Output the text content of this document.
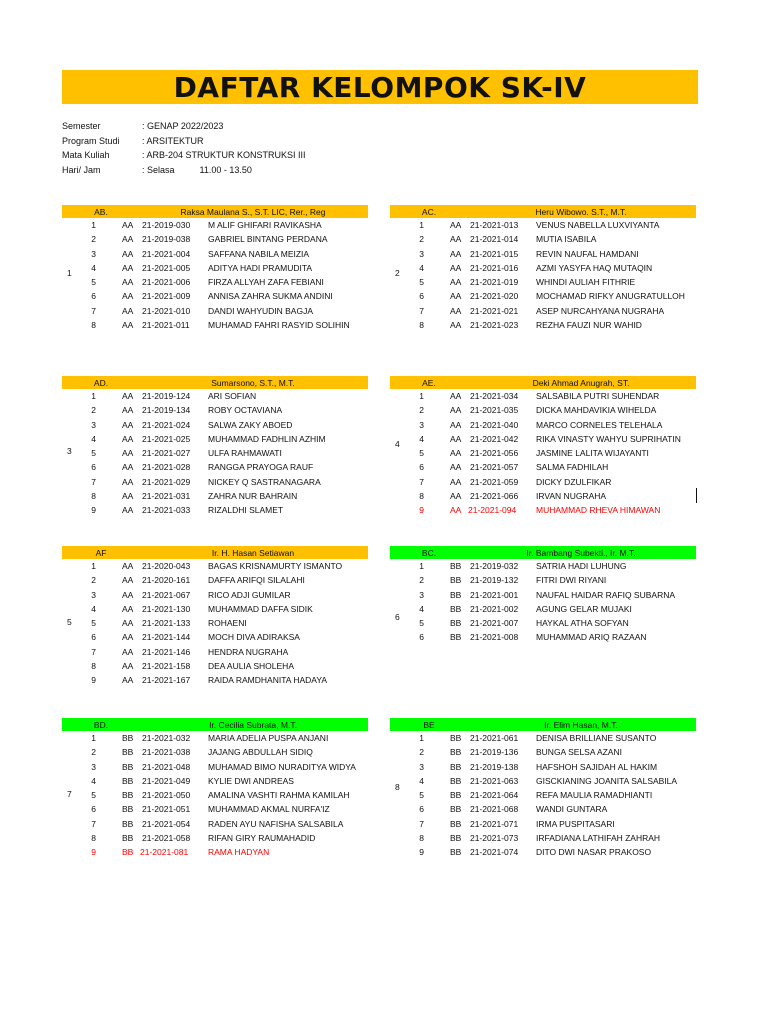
DAFTAR KELOMPOK SK-IV
Semester	: GENAP 2022/2023
Program Studi	: ARSITEKTUR
Mata Kuliah	: ARB-204 STRUKTUR KONSTRUKSI III
Hari/ Jam	: Selasa          11.00 - 13.50
AB.	Raksa Maulana S., S.T. LIC, Rer., Reg
1	AA	21-2019-030	M ALIF GHIFARI RAVIKASHA
2	AA	21-2019-038	GABRIEL BINTANG PERDANA
3	AA	21-2021-004	SAFFANA NABILA MEIZIA
4	AA	21-2021-005	ADITYA HADI PRAMUDITA
5	AA	21-2021-006	FIRZA ALLYAH ZAFA FEBIANI
6	AA	21-2021-009	ANNISA ZAHRA SUKMA ANDINI
7	AA	21-2021-010	DANDI WAHYUDIN BAGJA
8	AA	21-2021-011	MUHAMAD FAHRI RASYID SOLIHIN
1
AC.	Heru Wibowo. S.T., M.T.
1	AA	21-2021-013	VENUS NABELLA LUXVIYANTA
2	AA	21-2021-014	MUTIA ISABILA
3	AA	21-2021-015	REVIN NAUFAL HAMDANI
4	AA	21-2021-016	AZMI YASYFA HAQ MUTAQIN
5	AA	21-2021-019	WHINDI AULIAH FITHRIE
6	AA	21-2021-020	MOCHAMAD RIFKY ANUGRATULLOH
7	AA	21-2021-021	ASEP NURCAHYANA NUGRAHA
8	AA	21-2021-023	REZHA FAUZI NUR WAHID
2
AD.	Sumarsono, S.T., M.T.
1	AA	21-2019-124	ARI SOFIAN
2	AA	21-2019-134	ROBY OCTAVIANA
3	AA	21-2021-024	SALWA ZAKY ABOED
4	AA	21-2021-025	MUHAMMAD FADHLIN AZHIM
5	AA	21-2021-027	ULFA RAHMAWATI
6	AA	21-2021-028	RANGGA PRAYOGA RAUF
7	AA	21-2021-029	NICKEY Q SASTRANAGARA
8	AA	21-2021-031	ZAHRA NUR BAHRAIN
9	AA	21-2021-033	RIZALDHI SLAMET
3
AE.	Deki Ahmad Anugrah, ST.
1	AA	21-2021-034	SALSABILA PUTRI SUHENDAR
2	AA	21-2021-035	DICKA MAHDAVIKIA WIHELDA
3	AA	21-2021-040	MARCO CORNELES TELEHALA
4	AA	21-2021-042	RIKA VINASTY WAHYU SUPRIHATIN
5	AA	21-2021-056	JASMINE LALITA WIJAYANTI
6	AA	21-2021-057	SALMA FADHILAH
7	AA	21-2021-059	DICKY DZULFIKAR
8	AA	21-2021-066	IRVAN NUGRAHA
9	AA 21-2021-094	MUHAMMAD RHEVA HIMAWAN
4
AF	Ir. H. Hasan Setiawan
1	AA	21-2020-043	BAGAS KRISNAMURTY ISMANTO
2	AA	21-2020-161	DAFFA ARIFQI SILALAHI
3	AA	21-2021-067	RICO ADJI GUMILAR
4	AA	21-2021-130	MUHAMMAD DAFFA SIDIK
5	AA	21-2021-133	ROHAENI
6	AA	21-2021-144	MOCH DIVA ADIRAKSA
7	AA	21-2021-146	HENDRA NUGRAHA
8	AA	21-2021-158	DEA AULIA SHOLEHA
9	AA	21-2021-167	RAIDA RAMDHANITA HADAYA
5
BC.	Ir. Bambang Subekti., Ir. M.T.
1	BB	21-2019-032	SATRIA HADI LUHUNG
2	BB	21-2019-132	FITRI DWI RIYANI
3	BB	21-2021-001	NAUFAL HAIDAR RAFIQ SUBARNA
4	BB	21-2021-002	AGUNG GELAR MUJAKI
5	BB	21-2021-007	HAYKAL ATHA SOFYAN
6	BB	21-2021-008	MUHAMMAD ARIQ RAZAAN
6
BD.	Ir. Cecilia Subrata, M.T.
1	BB	21-2021-032	MARIA ADELIA PUSPA ANJANI
2	BB	21-2021-038	JAJANG ABDULLAH SIDIQ
3	BB	21-2021-048	MUHAMAD BIMO NURADITYA WIDYA
4	BB	21-2021-049	KYLIE DWI ANDREAS
5	BB	21-2021-050	AMALINA VASHTI RAHMA KAMILAH
6	BB	21-2021-051	MUHAMMAD AKMAL NURFA'IZ
7	BB	21-2021-054	RADEN AYU NAFISHA SALSABILA
8	BB	21-2021-058	RIFAN GIRY RAUMAHADID
9	BB 21-2021-081	RAMA HADYAN
7
BE	Ir. Elim Hasan, M.T.
1	BB	21-2021-061	DENISA BRILLIANE SUSANTO
2	BB	21-2019-136	BUNGA SELSA AZANI
3	BB	21-2019-138	HAFSHOH SAJIDAH AL HAKIM
4	BB	21-2021-063	GISCKIANING JOANITA SALSABILA
5	BB	21-2021-064	REFA MAULIA RAMADHIANTI
6	BB	21-2021-068	WANDI GUNTARA
7	BB	21-2021-071	IRMA PUSPITASARI
8	BB	21-2021-073	IRFADIANA LATHIFAH ZAHRAH
9	BB	21-2021-074	DITO DWI NASAR PRAKOSO
8
